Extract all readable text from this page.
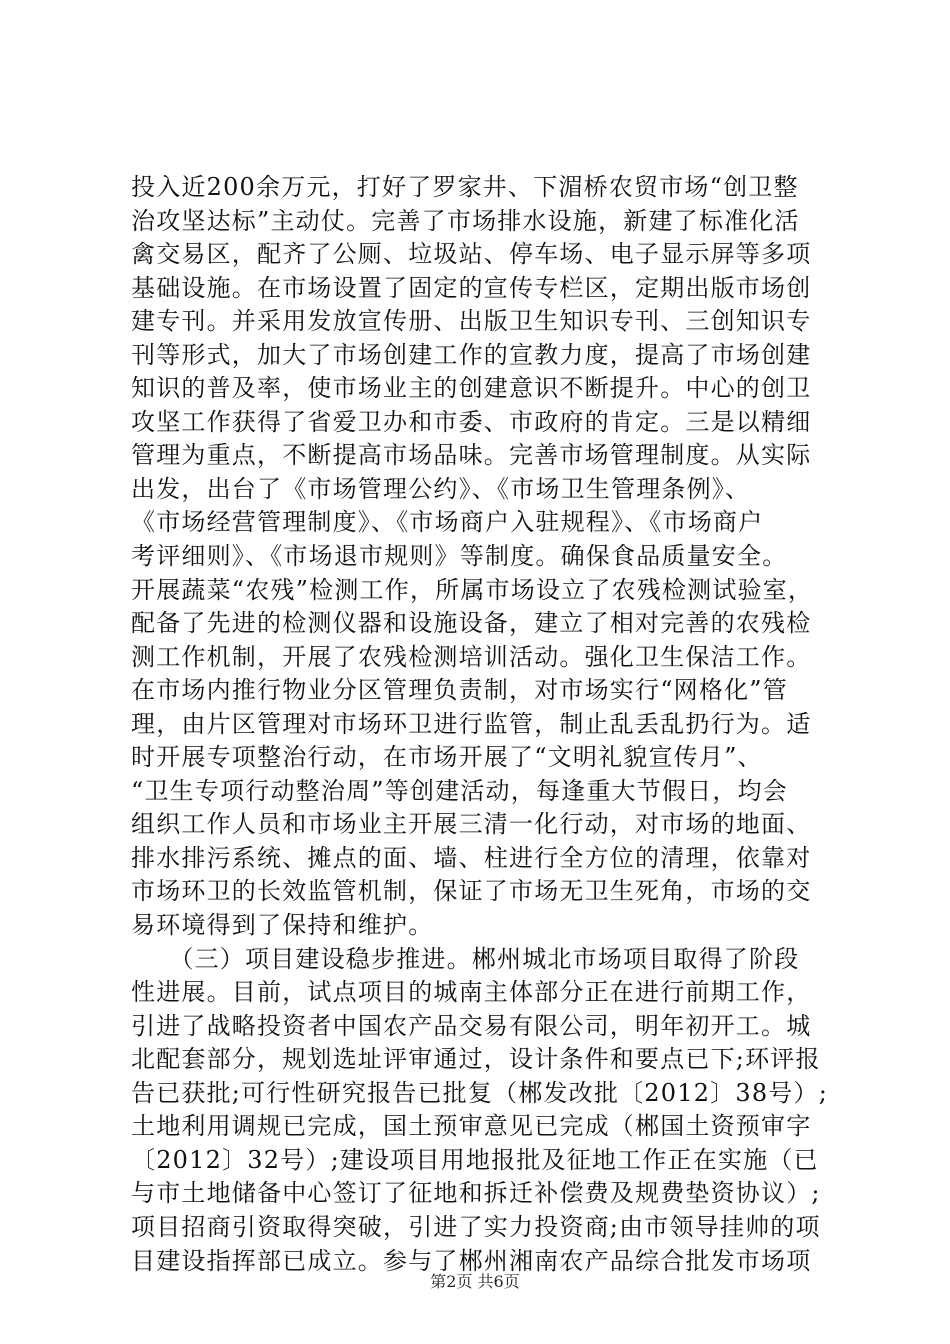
投入近200余万元，打好了罗家井、下湄桥农贸市场“创卫整
治攻坚达标”主动仗。完善了市场排水设施，新建了标准化活
禽交易区，配齐了公厕、垃圾站、停车场、电子显示屏等多项
基础设施。在市场设置了固定的宣传专栏区，定期出版市场创
建专刊。并采用发放宣传册、出版卫生知识专刊、三创知识专
刊等形式，加大了市场创建工作的宣教力度，提高了市场创建
知识的普及率，使市场业主的创建意识不断提升。中心的创卫
攻坚工作获得了省爱卫办和市委、市政府的肯定。三是以精细
管理为重点，不断提高市场品味。完善市场管理制度。从实际
出发，出台了《市场管理公约》、《市场卫生管理条例》、
《市场经营管理制度》、《市场商户入驻规程》、《市场商户
考评细则》、《市场退市规则》等制度。确保食品质量安全。
开展蔬菜“农残”检测工作，所属市场设立了农残检测试验室，
配备了先进的检测仪器和设施设备，建立了相对完善的农残检
测工作机制，开展了农残检测培训活动。强化卫生保洁工作。
在市场内推行物业分区管理负责制，对市场实行“网格化”管
理，由片区管理对市场环卫进行监管，制止乱丢乱扔行为。适
时开展专项整治行动，在市场开展了“文明礼貌宣传月”、
“卫生专项行动整治周”等创建活动，每逢重大节假日，均会
组织工作人员和市场业主开展三清一化行动，对市场的地面、
排水排污系统、摊点的面、墙、柱进行全方位的清理，依靠对
市场环卫的长效监管机制，保证了市场无卫生死角，市场的交
易环境得到了保持和维护。
　　（三）项目建设稳步推进。郴州城北市场项目取得了阶段
性进展。目前，试点项目的城南主体部分正在进行前期工作，
引进了战略投资者中国农产品交易有限公司，明年初开工。城
北配套部分，规划选址评审通过，设计条件和要点已下;环评报
告已获批;可行性研究报告已批复（郴发改批〔2012〕38号）;
土地利用调规已完成，国土预审意见已完成（郴国土资预审字
〔2012〕32号）;建设项目用地报批及征地工作正在实施（已
与市土地储备中心签订了征地和拆迁补偿费及规费垫资协议）;
项目招商引资取得突破，引进了实力投资商;由市领导挂帅的项
目建设指挥部已成立。参与了郴州湘南农产品综合批发市场项
第2页 共6页
